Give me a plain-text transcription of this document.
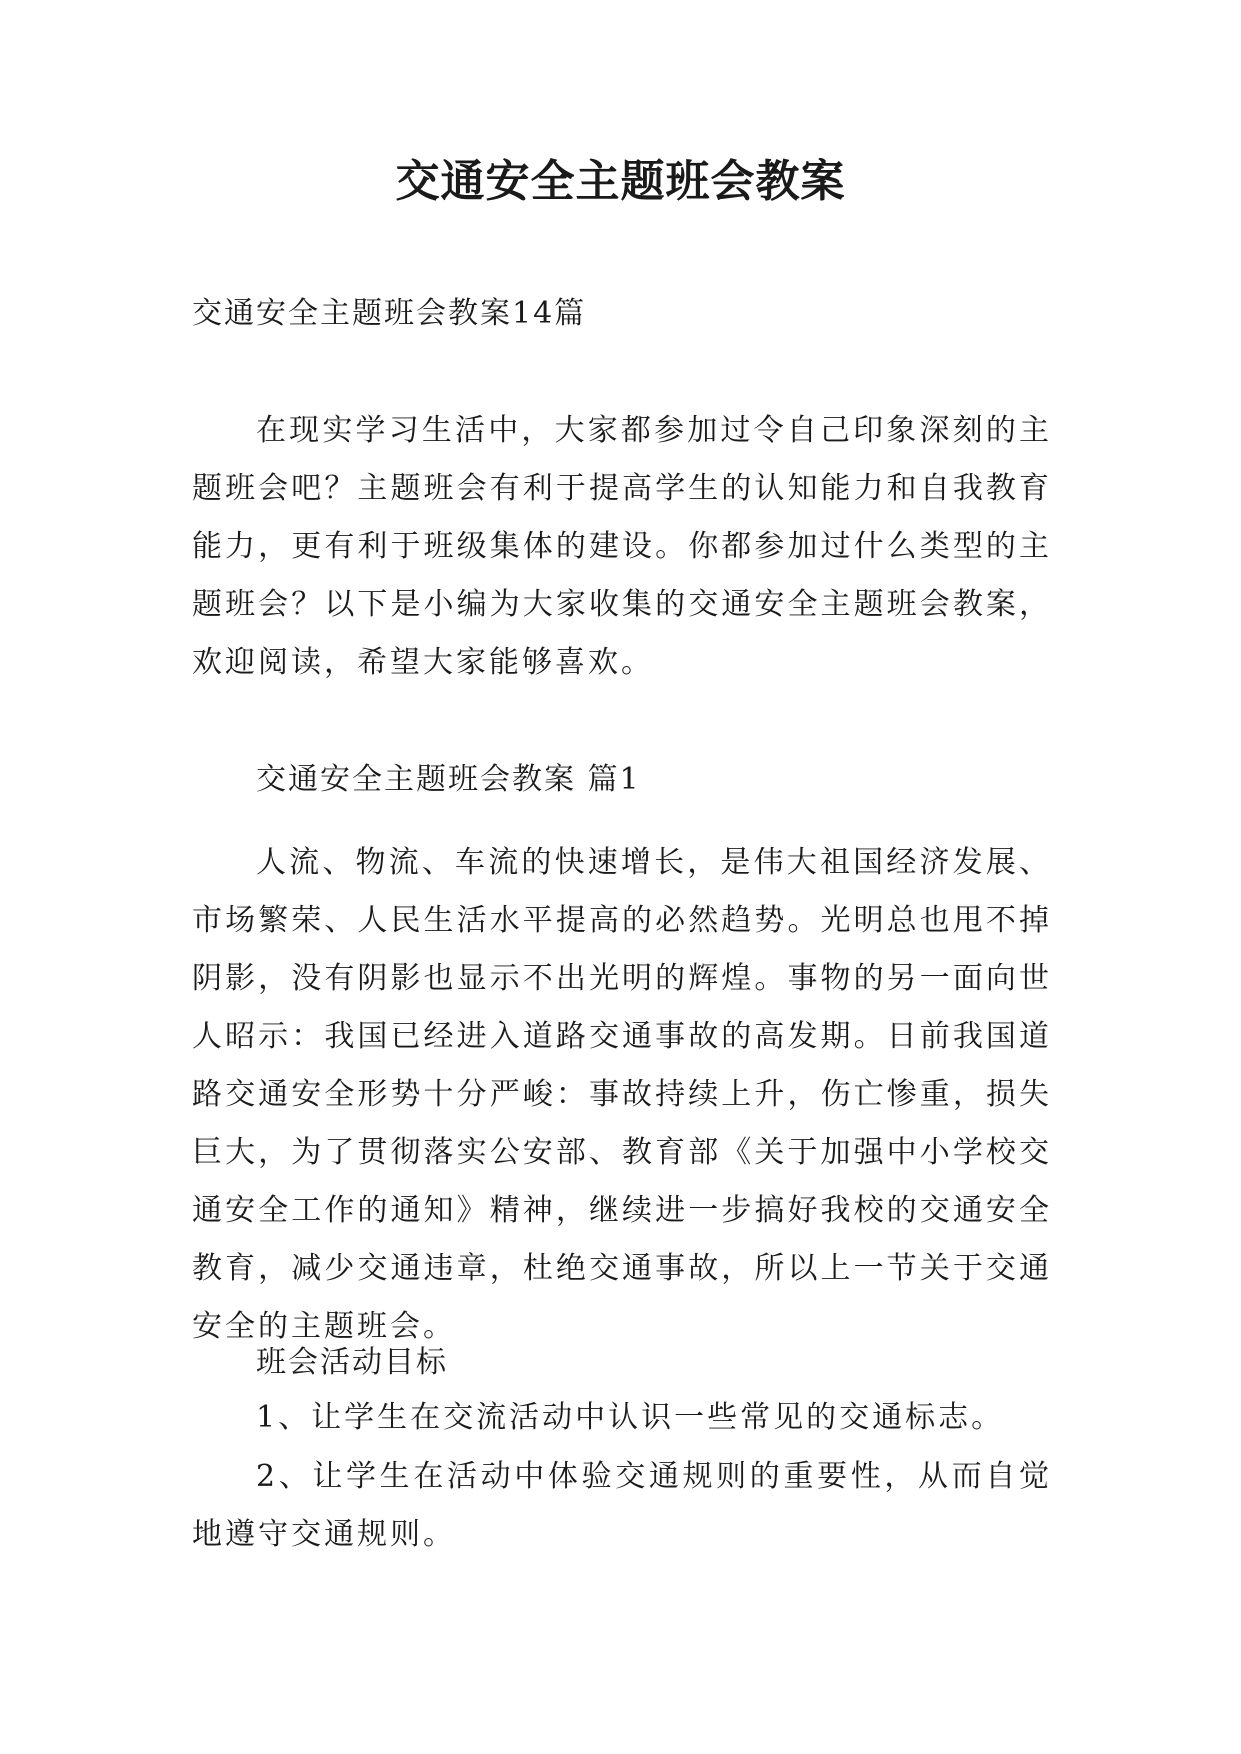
交通安全主题班会教案

交通安全主题班会教案14篇

在现实学习生活中，大家都参加过令自己印象深刻的主题班会吧？主题班会有利于提高学生的认知能力和自我教育能力，更有利于班级集体的建设。你都参加过什么类型的主题班会？以下是小编为大家收集的交通安全主题班会教案，欢迎阅读，希望大家能够喜欢。

交通安全主题班会教案 篇1

人流、物流、车流的快速增长，是伟大祖国经济发展、市场繁荣、人民生活水平提高的必然趋势。光明总也甩不掉阴影，没有阴影也显示不出光明的辉煌。事物的另一面向世人昭示：我国已经进入道路交通事故的高发期。日前我国道路交通安全形势十分严峻：事故持续上升，伤亡惨重，损失巨大，为了贯彻落实公安部、教育部《关于加强中小学校交通安全工作的通知》精神，继续进一步搞好我校的交通安全教育，减少交通违章，杜绝交通事故，所以上一节关于交通安全的主题班会。

班会活动目标

1、让学生在交流活动中认识一些常见的交通标志。

2、让学生在活动中体验交通规则的重要性，从而自觉地遵守交通规则。
